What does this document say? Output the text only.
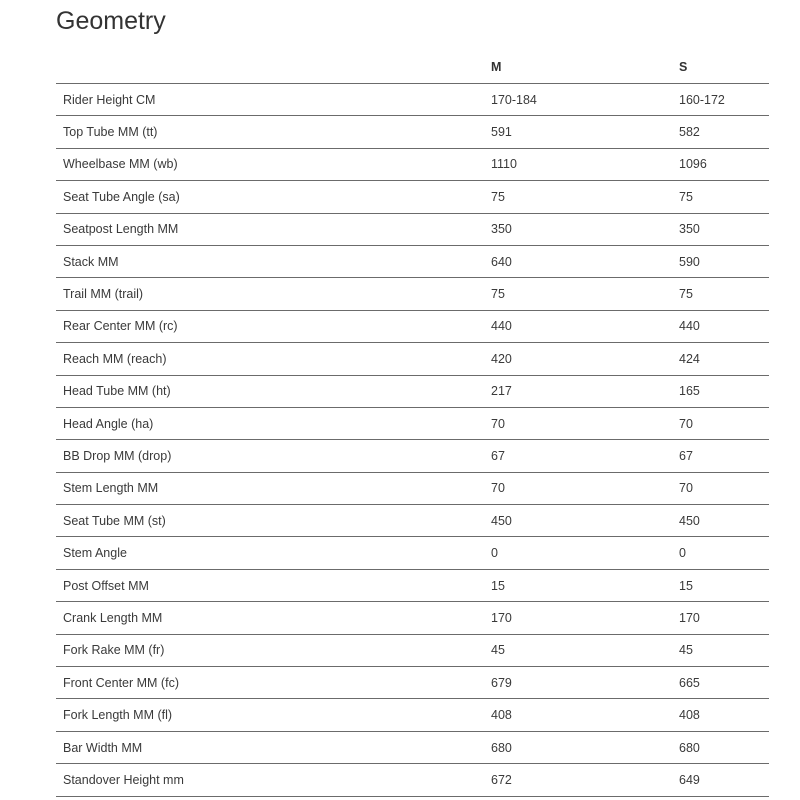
Geometry
	M	S
Rider Height CM	170-184	160-172
Top Tube MM (tt)	591	582
Wheelbase MM (wb)	1110	1096
Seat Tube Angle (sa)	75	75
Seatpost Length MM	350	350
Stack MM	640	590
Trail MM (trail)	75	75
Rear Center MM (rc)	440	440
Reach MM (reach)	420	424
Head Tube MM (ht)	217	165
Head Angle (ha)	70	70
BB Drop MM (drop)	67	67
Stem Length MM	70	70
Seat Tube MM (st)	450	450
Stem Angle	0	0
Post Offset MM	15	15
Crank Length MM	170	170
Fork Rake MM (fr)	45	45
Front Center MM (fc)	679	665
Fork Length MM (fl)	408	408
Bar Width MM	680	680
Standover Height mm	672	649
